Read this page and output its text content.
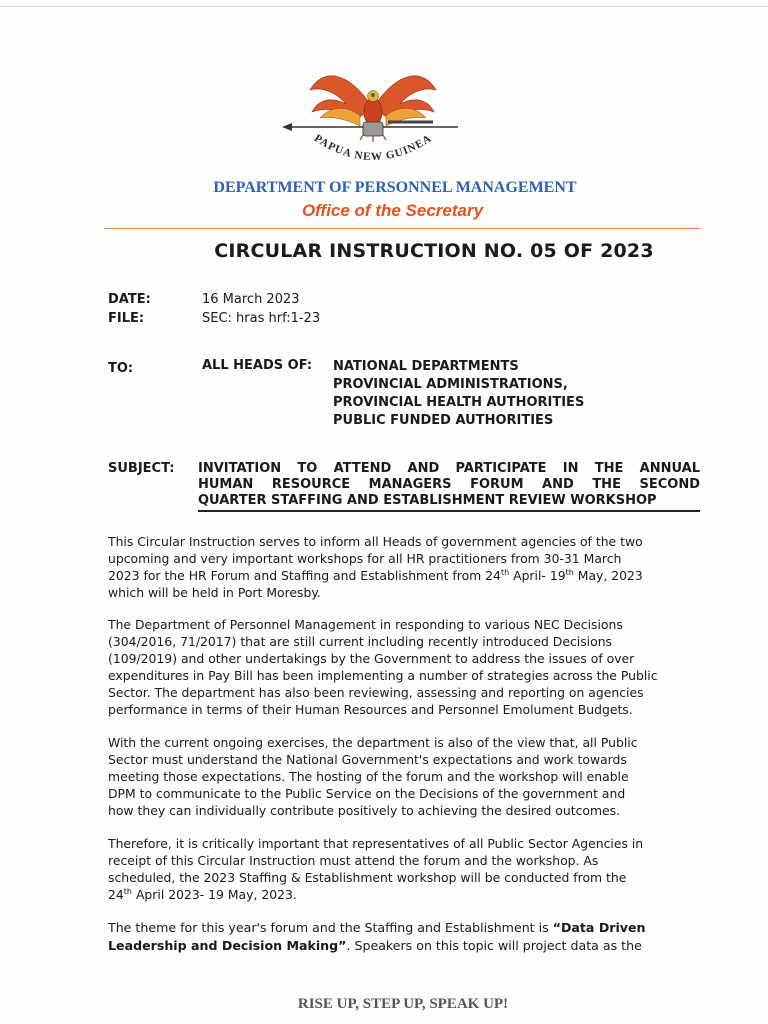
PAPUA NEW GUINEA
DEPARTMENT OF PERSONNEL MANAGEMENT
Office of the Secretary
CIRCULAR INSTRUCTION NO. 05 OF 2023
DATE:	16 March 2023
FILE:	SEC: hras hrf:1-23
TO:	ALL HEADS OF: NATIONAL DEPARTMENTS
PROVINCIAL ADMINISTRATIONS,
PROVINCIAL HEALTH AUTHORITIES
PUBLIC FUNDED AUTHORITIES
SUBJECT: INVITATION TO ATTEND AND PARTICIPATE IN THE ANNUAL
HUMAN RESOURCE MANAGERS FORUM AND THE SECOND
QUARTER STAFFING AND ESTABLISHMENT REVIEW WORKSHOP
This Circular Instruction serves to inform all Heads of government agencies of the two
upcoming and very important workshops for all HR practitioners from 30-31 March
2023 for the HR Forum and Staffing and Establishment from 24th April- 19th May, 2023
which will be held in Port Moresby.
The Department of Personnel Management in responding to various NEC Decisions
(304/2016, 71/2017) that are still current including recently introduced Decisions
(109/2019) and other undertakings by the Government to address the issues of over
expenditures in Pay Bill has been implementing a number of strategies across the Public
Sector. The department has also been reviewing, assessing and reporting on agencies
performance in terms of their Human Resources and Personnel Emolument Budgets.
With the current ongoing exercises, the department is also of the view that, all Public
Sector must understand the National Government's expectations and work towards
meeting those expectations. The hosting of the forum and the workshop will enable
DPM to communicate to the Public Service on the Decisions of the government and
how they can individually contribute positively to achieving the desired outcomes.
Therefore, it is critically important that representatives of all Public Sector Agencies in
receipt of this Circular Instruction must attend the forum and the workshop. As
scheduled, the 2023 Staffing & Establishment workshop will be conducted from the
24th April 2023- 19 May, 2023.
The theme for this year's forum and the Staffing and Establishment is “Data Driven
Leadership and Decision Making”. Speakers on this topic will project data as the
RISE UP, STEP UP, SPEAK UP!
